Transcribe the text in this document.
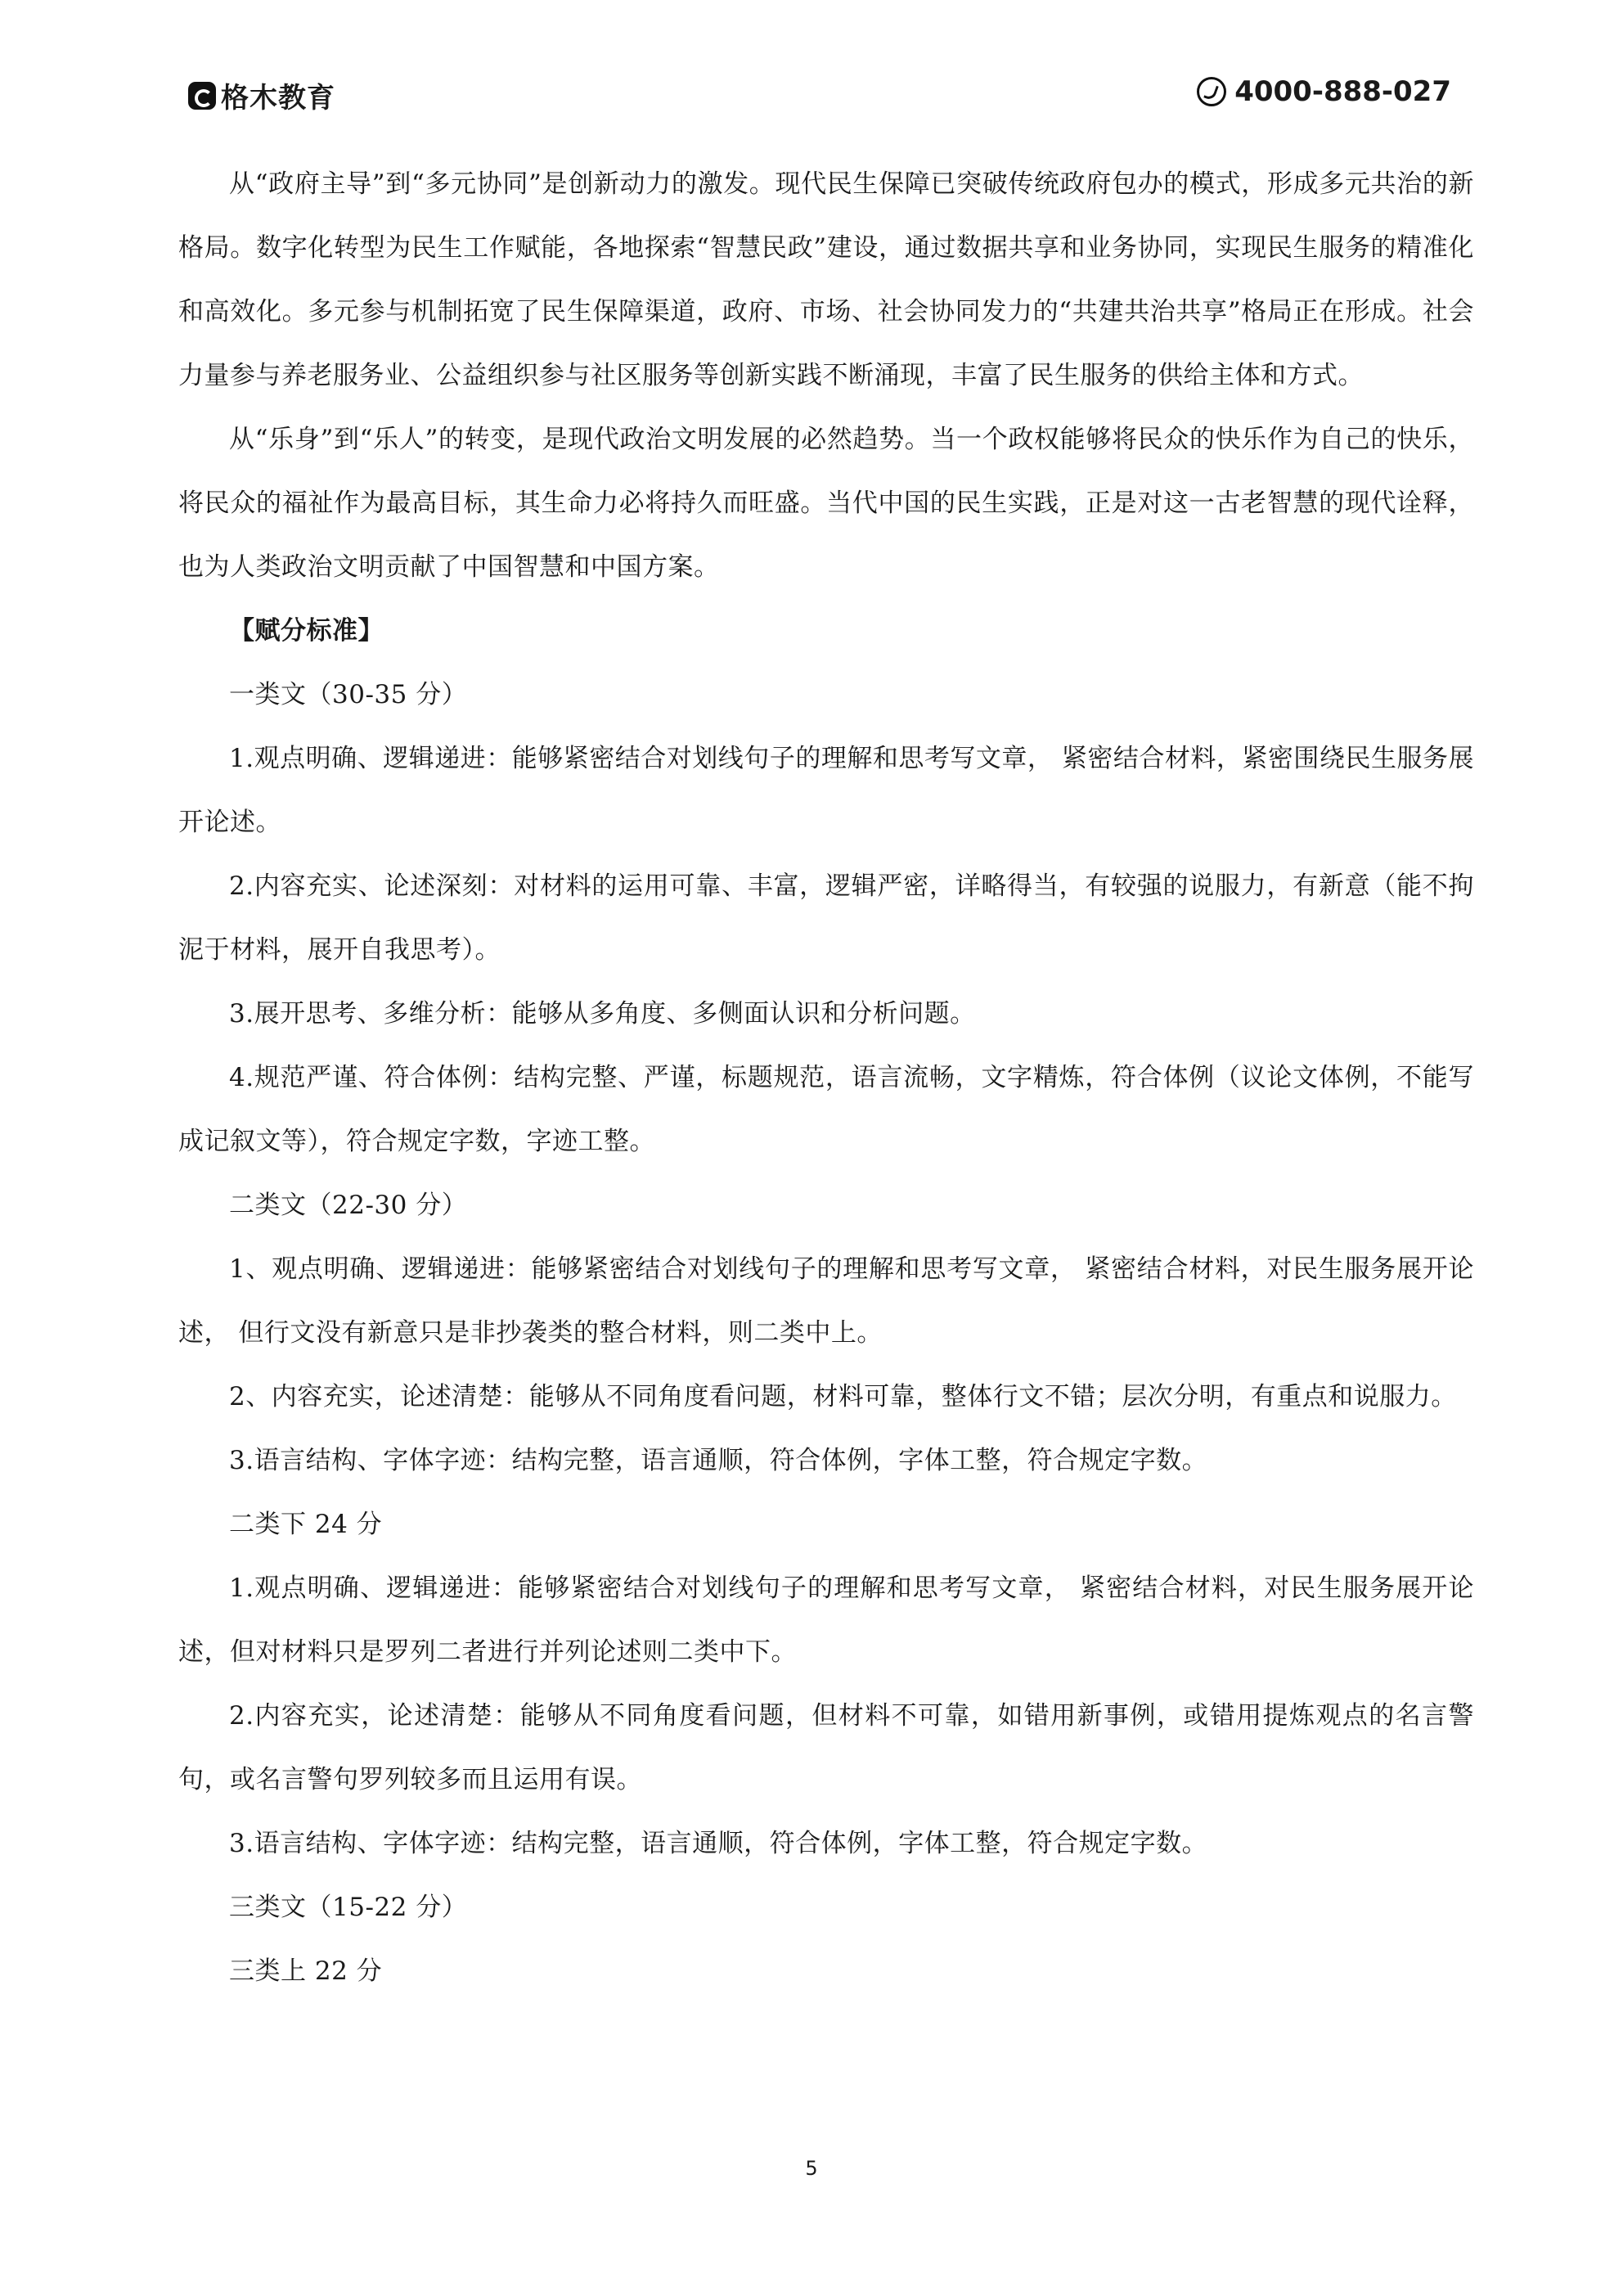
格木教育	4000-888-027

从“政府主导”到“多元协同”是创新动力的激发。现代民生保障已突破传统政府包办的模式，形成多元共治的新格局。数字化转型为民生工作赋能，各地探索“智慧民政”建设，通过数据共享和业务协同，实现民生服务的精准化和高效化。多元参与机制拓宽了民生保障渠道，政府、市场、社会协同发力的“共建共治共享”格局正在形成。社会力量参与养老服务业、公益组织参与社区服务等创新实践不断涌现，丰富了民生服务的供给主体和方式。

从“乐身”到“乐人”的转变，是现代政治文明发展的必然趋势。当一个政权能够将民众的快乐作为自己的快乐，将民众的福祉作为最高目标，其生命力必将持久而旺盛。当代中国的民生实践，正是对这一古老智慧的现代诠释，也为人类政治文明贡献了中国智慧和中国方案。

【赋分标准】

一类文（30-35 分）

1.观点明确、逻辑递进：能够紧密结合对划线句子的理解和思考写文章， 紧密结合材料，紧密围绕民生服务展开论述。

2.内容充实、论述深刻：对材料的运用可靠、丰富，逻辑严密，详略得当，有较强的说服力，有新意（能不拘泥于材料，展开自我思考）。

3.展开思考、多维分析：能够从多角度、多侧面认识和分析问题。

4.规范严谨、符合体例：结构完整、严谨，标题规范，语言流畅，文字精炼，符合体例（议论文体例，不能写成记叙文等），符合规定字数，字迹工整。

二类文（22-30 分）

1、观点明确、逻辑递进：能够紧密结合对划线句子的理解和思考写文章， 紧密结合材料，对民生服务展开论述， 但行文没有新意只是非抄袭类的整合材料，则二类中上。

2、内容充实，论述清楚：能够从不同角度看问题，材料可靠，整体行文不错；层次分明，有重点和说服力。

3.语言结构、字体字迹：结构完整，语言通顺，符合体例，字体工整，符合规定字数。

二类下 24 分

1.观点明确、逻辑递进：能够紧密结合对划线句子的理解和思考写文章， 紧密结合材料，对民生服务展开论述，但对材料只是罗列二者进行并列论述则二类中下。

2.内容充实，论述清楚：能够从不同角度看问题，但材料不可靠，如错用新事例，或错用提炼观点的名言警句，或名言警句罗列较多而且运用有误。

3.语言结构、字体字迹：结构完整，语言通顺，符合体例，字体工整，符合规定字数。

三类文（15-22 分）

三类上 22 分

5
